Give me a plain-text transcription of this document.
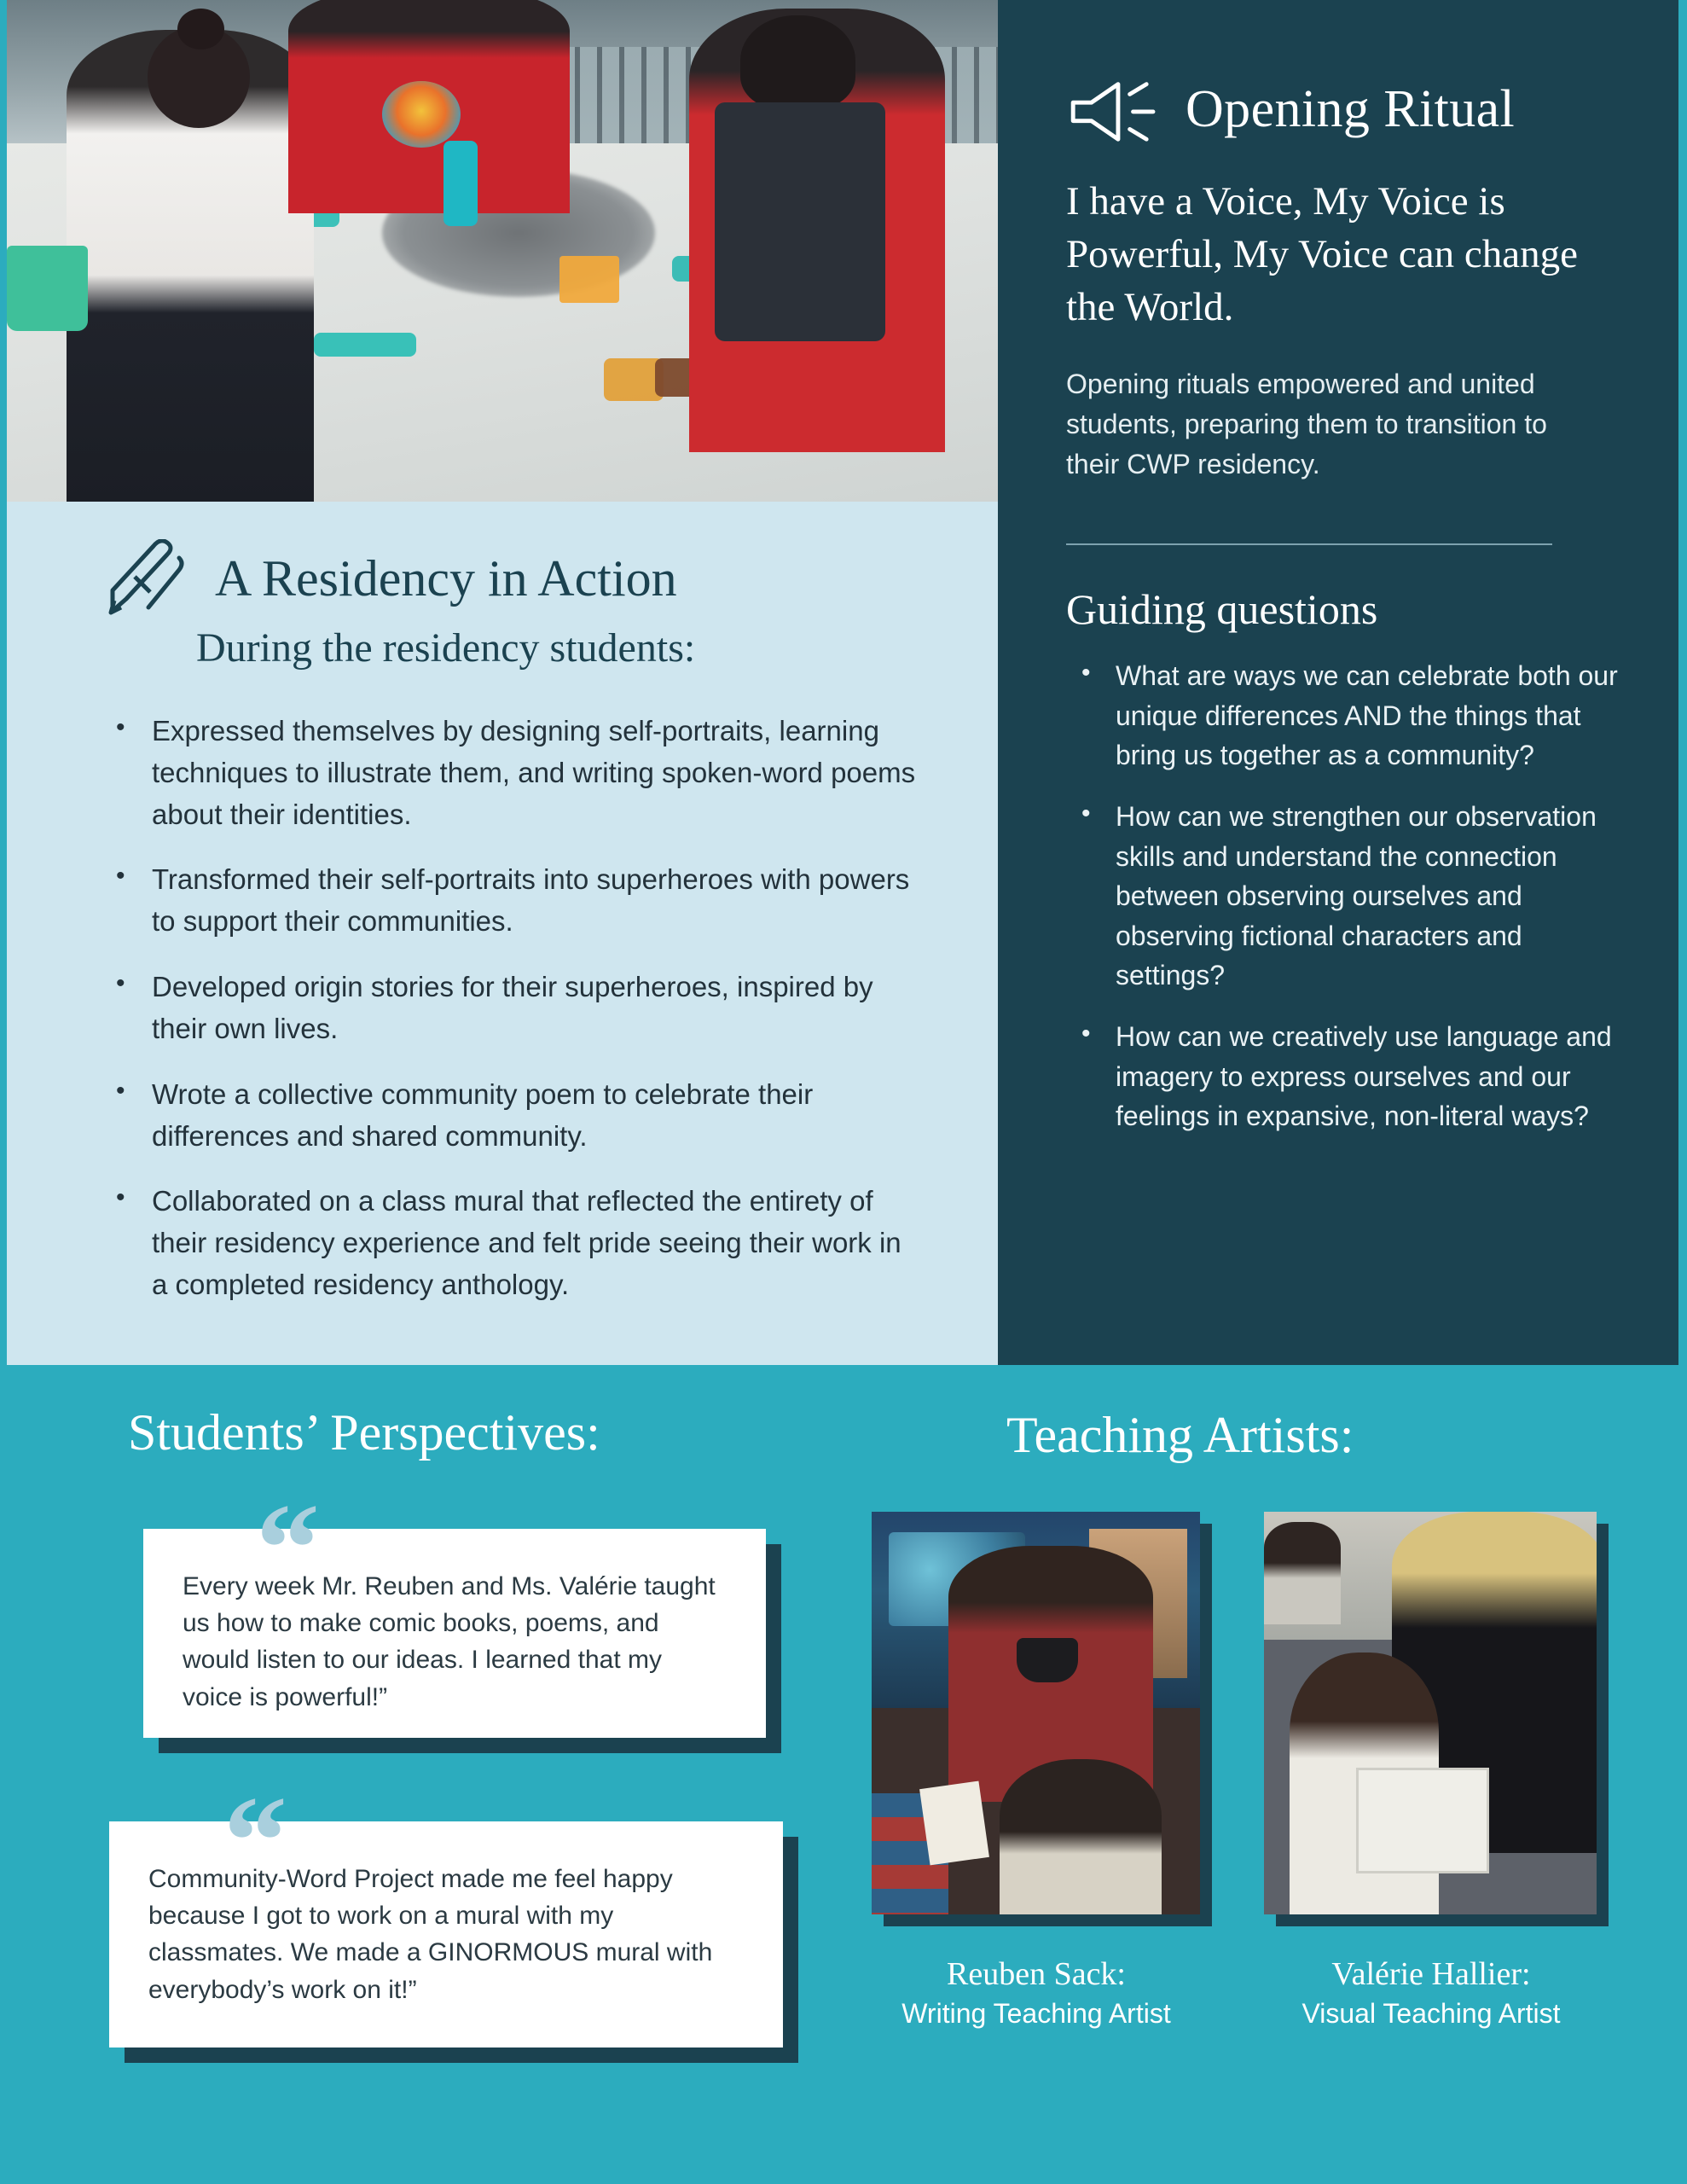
Opening Ritual
I have a Voice, My Voice is Powerful, My Voice can change the World.
Opening rituals empowered and united students, preparing them to transition to their CWP residency.
Guiding questions
• What are ways we can celebrate both our unique differences AND the things that bring us together as a community?
• How can we strengthen our observation skills and understand the connection between observing ourselves and observing fictional characters and settings?
• How can we creatively use language and imagery to express ourselves and our feelings in expansive, non-literal ways?
A Residency in Action
During the residency students:
• Expressed themselves by designing self-portraits, learning techniques to illustrate them, and writing spoken-word poems about their identities.
• Transformed their self-portraits into superheroes with powers to support their communities.
• Developed origin stories for their superheroes, inspired by their own lives.
• Wrote a collective community poem to celebrate their differences and shared community.
• Collaborated on a class mural that reflected the entirety of their residency experience and felt pride seeing their work in a completed residency anthology.
Students’ Perspectives:	Teaching Artists:
Every week Mr. Reuben and Ms. Valérie taught us how to make comic books, poems, and would listen to our ideas. I learned that my voice is powerful!”
“
Community-Word Project made me feel happy because I got to work on a mural with my classmates. We made a GINORMOUS mural with everybody’s work on it!”
“
Reuben Sack:
Writing Teaching Artist
Valérie Hallier:
Visual Teaching Artist
